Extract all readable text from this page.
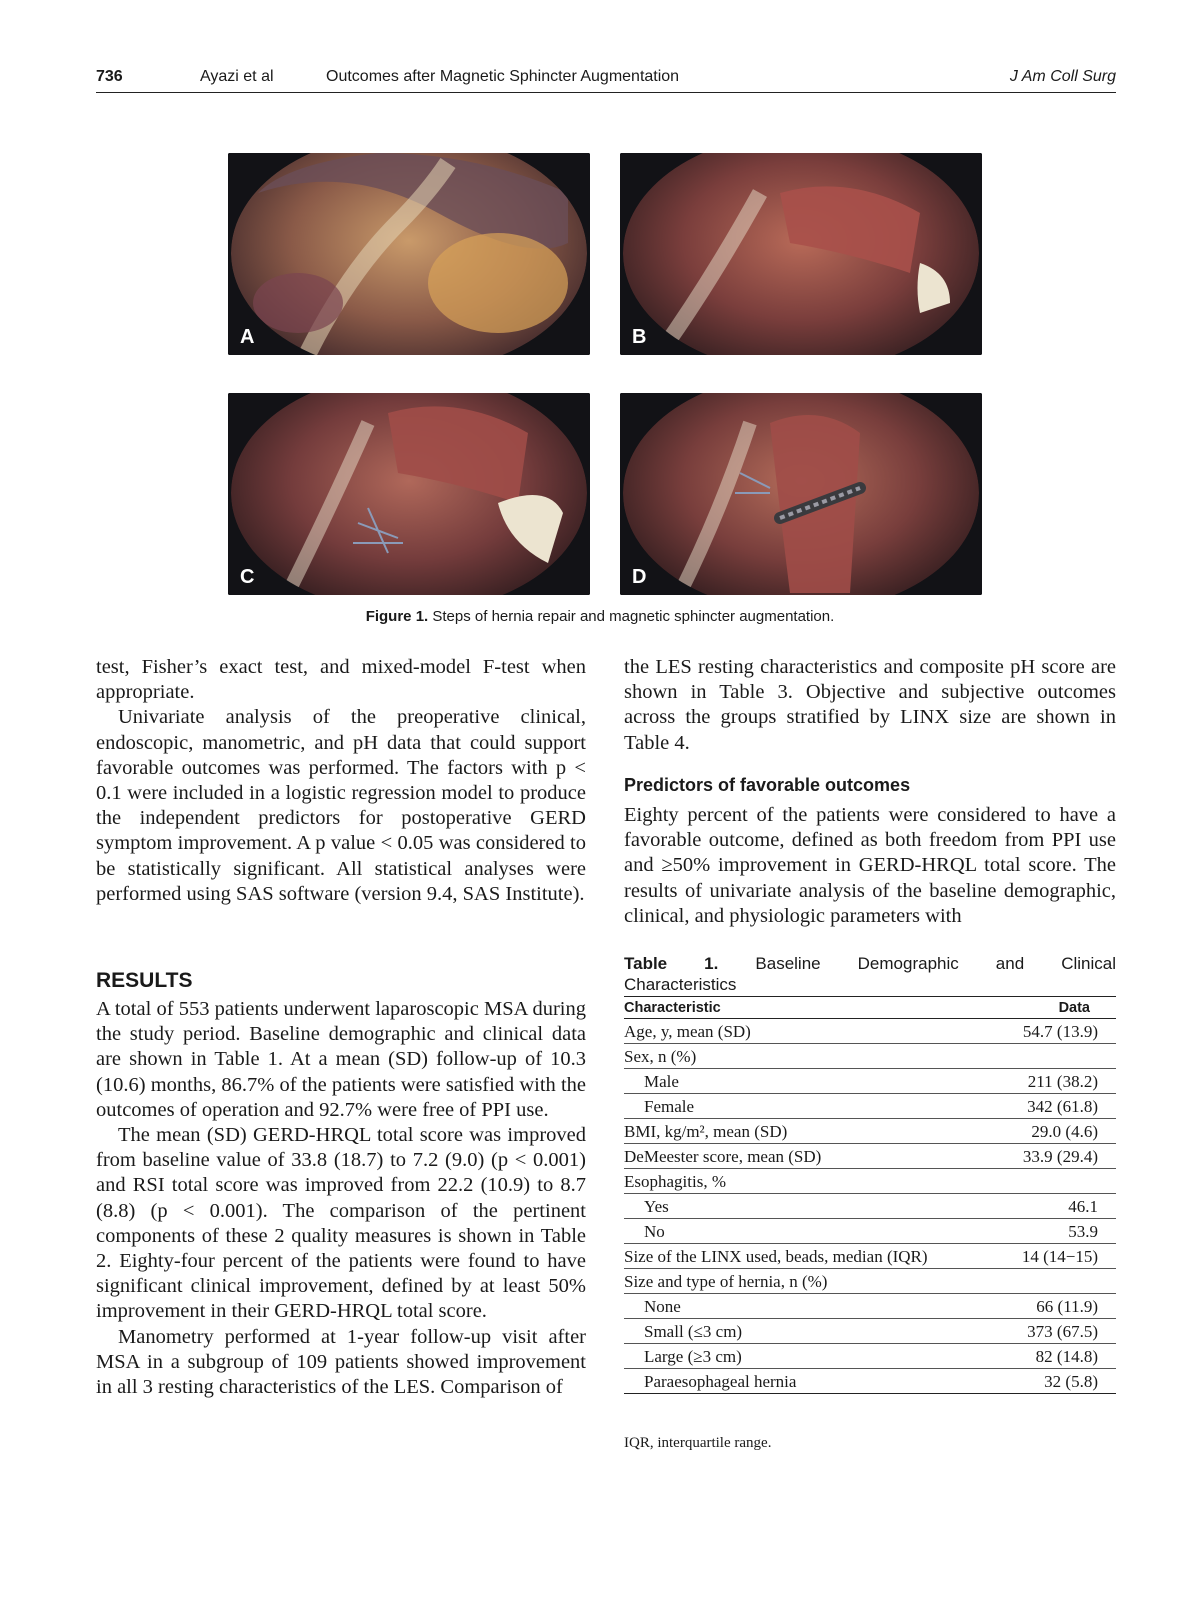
736	Ayazi et al	Outcomes after Magnetic Sphincter Augmentation	J Am Coll Surg
A	B
C	D
Figure 1. Steps of hernia repair and magnetic sphincter augmentation.

test, Fisher’s exact test, and mixed-model F-test when appropriate.

Univariate analysis of the preoperative clinical, endoscopic, manometric, and pH data that could support favorable outcomes was performed. The factors with p < 0.1 were included in a logistic regression model to produce the independent predictors for postoperative GERD symptom improvement. A p value < 0.05 was considered to be statistically significant. All statistical analyses were performed using SAS software (version 9.4, SAS Institute).

RESULTS

A total of 553 patients underwent laparoscopic MSA during the study period. Baseline demographic and clinical data are shown in Table 1. At a mean (SD) follow-up of 10.3 (10.6) months, 86.7% of the patients were satisfied with the outcomes of operation and 92.7% were free of PPI use.

The mean (SD) GERD-HRQL total score was improved from baseline value of 33.8 (18.7) to 7.2 (9.0) (p < 0.001) and RSI total score was improved from 22.2 (10.9) to 8.7 (8.8) (p < 0.001). The comparison of the pertinent components of these 2 quality measures is shown in Table 2. Eighty-four percent of the patients were found to have significant clinical improvement, defined by at least 50% improvement in their GERD-HRQL total score.

Manometry performed at 1-year follow-up visit after MSA in a subgroup of 109 patients showed improvement in all 3 resting characteristics of the LES. Comparison of

the LES resting characteristics and composite pH score are shown in Table 3. Objective and subjective outcomes across the groups stratified by LINX size are shown in Table 4.

Predictors of favorable outcomes

Eighty percent of the patients were considered to have a favorable outcome, defined as both freedom from PPI use and ≥50% improvement in GERD-HRQL total score. The results of univariate analysis of the baseline demographic, clinical, and physiologic parameters with

Table 1. Baseline Demographic and Clinical
Characteristics
Characteristic	Data
Age, y, mean (SD)	54.7 (13.9)
Sex, n (%)	
Male	211 (38.2)
Female	342 (61.8)
BMI, kg/m², mean (SD)	29.0 (4.6)
DeMeester score, mean (SD)	33.9 (29.4)
Esophagitis, %	
Yes	46.1
No	53.9
Size of the LINX used, beads, median (IQR)	14 (14−15)
Size and type of hernia, n (%)	
None	66 (11.9)
Small (≤3 cm)	373 (67.5)
Large (≥3 cm)	82 (14.8)
Paraesophageal hernia	32 (5.8)
IQR, interquartile range.
